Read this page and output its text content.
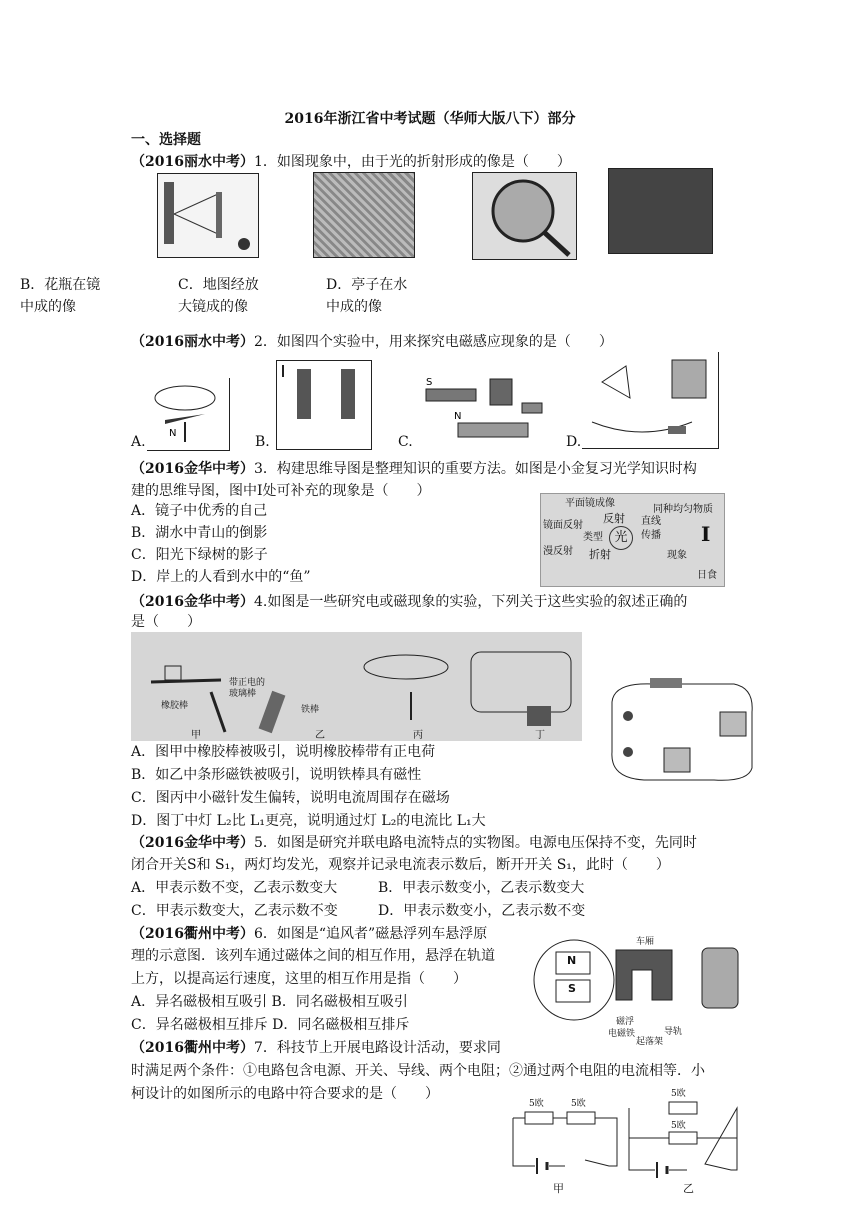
2016年浙江省中考试题（华师大版八下）部分
一、选择题
（2016丽水中考）1．如图现象中，由于光的折射形成的像是（　　）
B．花瓶在镜
中成的像
C．地图经放
大镜成的像
D．亭子在水
中成的像
（2016丽水中考）2．如图四个实验中，用来探究电磁感应现象的是（　　）
A.
N
B.	C.
S
N
D.
（2016金华中考）3．构建思维导图是整理知识的重要方法。如图是小金复习光学知识时构
建的思维导图，图中Ⅰ处可补充的现象是（　　）
A．镜子中优秀的自己
B．湖水中青山的倒影
C．阳光下绿树的影子
D．岸上的人看到水中的“鱼”
平面镜成像
镜面反射
反射
类型
漫反射 折射
光
直线
传播
同种均匀物质
现象
Ⅰ
日食
（2016金华中考）4.如图是一些研究电或磁现象的实验，下列关于这些实验的叙述正确的
是（　　）
橡胶棒
带正电的玻璃棒
铁棒
甲	乙	丙	丁
A．图甲中橡胶棒被吸引，说明橡胶棒带有正电荷
B．如乙中条形磁铁被吸引，说明铁棒具有磁性
C．图丙中小磁针发生偏转，说明电流周围存在磁场
D．图丁中灯 L₂比 L₁更亮，说明通过灯 L₂的电流比 L₁大
（2016金华中考）5．如图是研究并联电路电流特点的实物图。电源电压保持不变，先同时
闭合开关S和 S₁，两灯均发光，观察并记录电流表示数后，断开开关 S₁，此时（　　）
A．甲表示数不变，乙表示数变大	B．甲表示数变小，乙表示数变大
C．甲表示数变大，乙表示数不变	D．甲表示数变小，乙表示数不变
（2016衢州中考）6．如图是“追风者”磁悬浮列车悬浮原
理的示意图．该列车通过磁体之间的相互作用，悬浮在轨道
上方，以提高运行速度，这里的相互作用是指（　　）
A．异名磁极相互吸引 B．同名磁极相互吸引
C．异名磁极相互排斥 D．同名磁极相互排斥
N
S
车厢
磁浮
电磁铁
起落架
导轨
（2016衢州中考）7．科技节上开展电路设计活动，要求同
时满足两个条件：①电路包含电源、开关、导线、两个电阻；②通过两个电阻的电流相等．小
柯设计的如图所示的电路中符合要求的是（　　）
5欧	5欧
5欧
5欧
甲	乙
